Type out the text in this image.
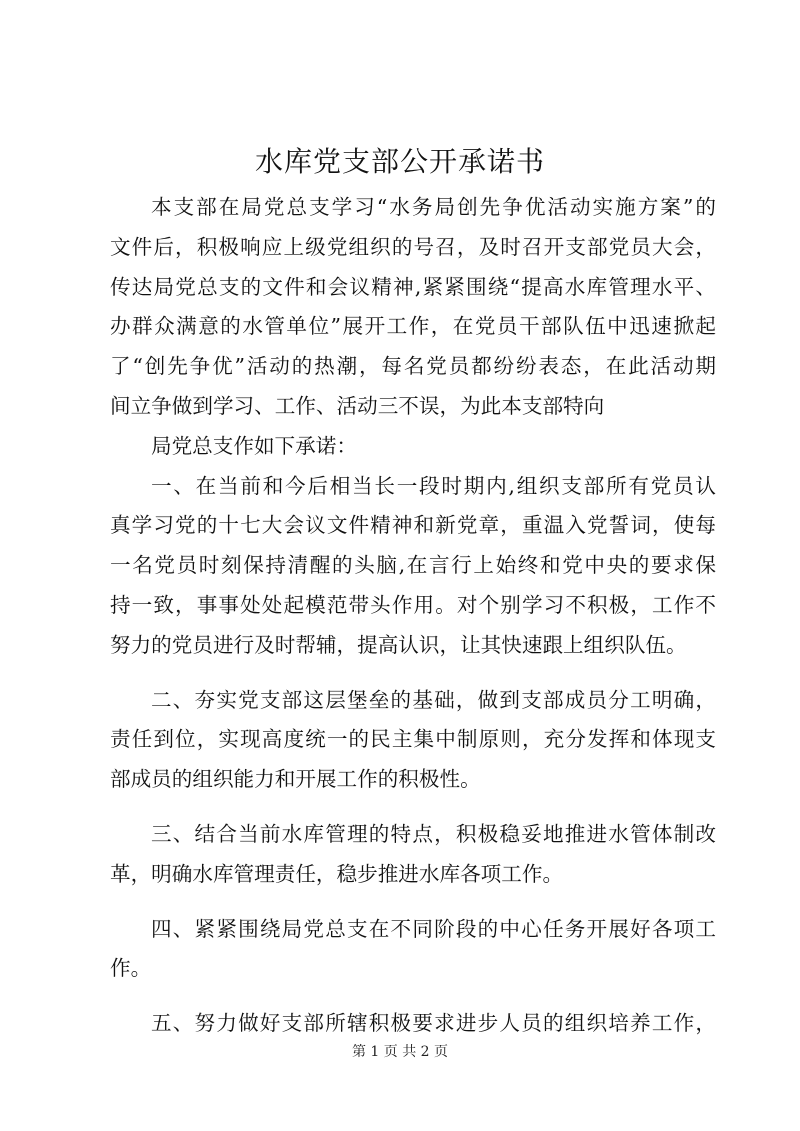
水库党支部公开承诺书
本支部在局党总支学习“水务局创先争优活动实施方案”的
文件后，积极响应上级党组织的号召，及时召开支部党员大会，
传达局党总支的文件和会议精神,紧紧围绕“提高水库管理水平、
办群众满意的水管单位”展开工作，在党员干部队伍中迅速掀起
了“创先争优”活动的热潮，每名党员都纷纷表态，在此活动期
间立争做到学习、工作、活动三不误，为此本支部特向
局党总支作如下承诺：
一、在当前和今后相当长一段时期内,组织支部所有党员认
真学习党的十七大会议文件精神和新党章，重温入党誓词，使每
一名党员时刻保持清醒的头脑,在言行上始终和党中央的要求保
持一致，事事处处起模范带头作用。对个别学习不积极，工作不
努力的党员进行及时帮辅，提高认识，让其快速跟上组织队伍。
二、夯实党支部这层堡垒的基础，做到支部成员分工明确，
责任到位，实现高度统一的民主集中制原则，充分发挥和体现支
部成员的组织能力和开展工作的积极性。
三、结合当前水库管理的特点，积极稳妥地推进水管体制改
革，明确水库管理责任，稳步推进水库各项工作。
四、紧紧围绕局党总支在不同阶段的中心任务开展好各项工
作。
五、努力做好支部所辖积极要求进步人员的组织培养工作，
第 1 页 共 2 页
